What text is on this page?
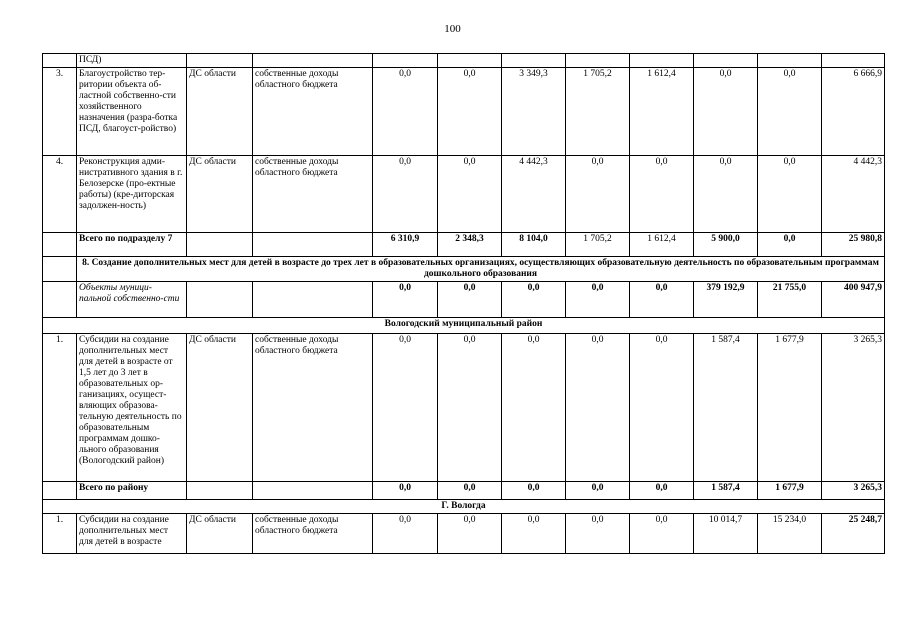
100
	ПСД)										
3.	Благоустройство тер-ритории объекта об-ластной собственно-сти хозяйственного назначения (разра-ботка ПСД, благоуст-ройство)	ДС области	собственные доходы областного бюджета	0,0	0,0	3 349,3	1 705,2	1 612,4	0,0	0,0	6 666,9
4.	Реконструкция адми-нистративного здания в г. Белозерске (про-ектные работы) (кре-диторская задолжен-ность)	ДС области	собственные доходы областного бюджета	0,0	0,0	4 442,3	0,0	0,0	0,0	0,0	4 442,3
	Всего по подразделу 7			6 310,9	2 348,3	8 104,0	1 705,2	1 612,4	5 900,0	0,0	25 980,8
	8. Создание дополнительных мест для детей в возрасте до трех лет в образовательных организациях, осуществляющих образовательную деятельность по образовательным программам дошкольного образования										
	Объекты муници-пальной собственно-сти			0,0	0,0	0,0	0,0	0,0	379 192,9	21 755,0	400 947,9
Вологодский муниципальный район											
1.	Субсидии на создание дополнительных мест для детей в возрасте от 1,5 лет до 3 лет в образовательных ор-ганизациях, осущест-вляющих образова-тельную деятельность по образовательным программам дошко-льного образования (Вологодский район)	ДС области	собственные доходы областного бюджета	0,0	0,0	0,0	0,0	0,0	1 587,4	1 677,9	3 265,3
	Всего по району			0,0	0,0	0,0	0,0	0,0	1 587,4	1 677,9	3 265,3
Г. Вологда											
1.	Субсидии на создание дополнительных мест для детей в возрасте	ДС области	собственные доходы областного бюджета	0,0	0,0	0,0	0,0	0,0	10 014,7	15 234,0	25 248,7
